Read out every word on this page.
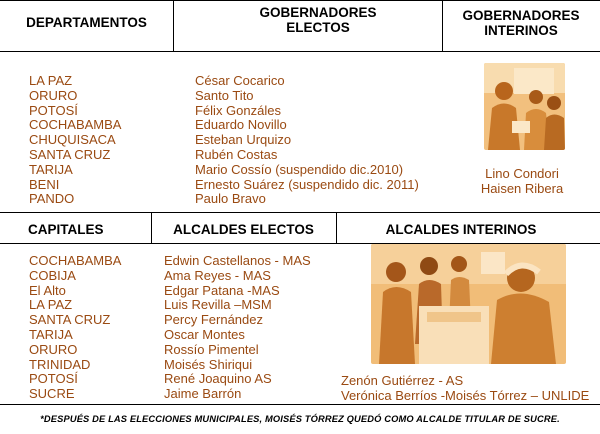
DEPARTAMENTOS
GOBERNADORES ELECTOS
GOBERNADORES INTERINOS
LA PAZ
ORURO
POTOSÍ
COCHABAMBA
CHUQUISACA
SANTA CRUZ
TARIJA
BENI
PANDO
César Cocarico
Santo Tito
Félix Gonzáles
Eduardo Novillo
Esteban Urquizo
Rubén Costas
Mario Cossío (suspendido dic.2010)
Ernesto Suárez (suspendido dic. 2011)
Paulo Bravo
Lino Condori
Haisen Ribera
CAPITALES	ALCALDES ELECTOS	ALCALDES INTERINOS
COCHABAMBA
COBIJA
El Alto
LA PAZ
SANTA CRUZ
TARIJA
ORURO
TRINIDAD
POTOSÍ
SUCRE
Edwin Castellanos - MAS
Ama Reyes - MAS
Edgar Patana -MAS
Luis Revilla –MSM
Percy Fernández
Oscar Montes
Rossío Pimentel
Moisés Shiriqui
René Joaquino AS
Jaime Barrón
Zenón Gutiérrez - AS
Verónica Berríos -Moisés Tórrez – UNLIDE
*DESPUÉS DE LAS ELECCIONES MUNICIPALES, MOISÉS TÓRREZ QUEDÓ COMO ALCALDE TITULAR DE SUCRE.
